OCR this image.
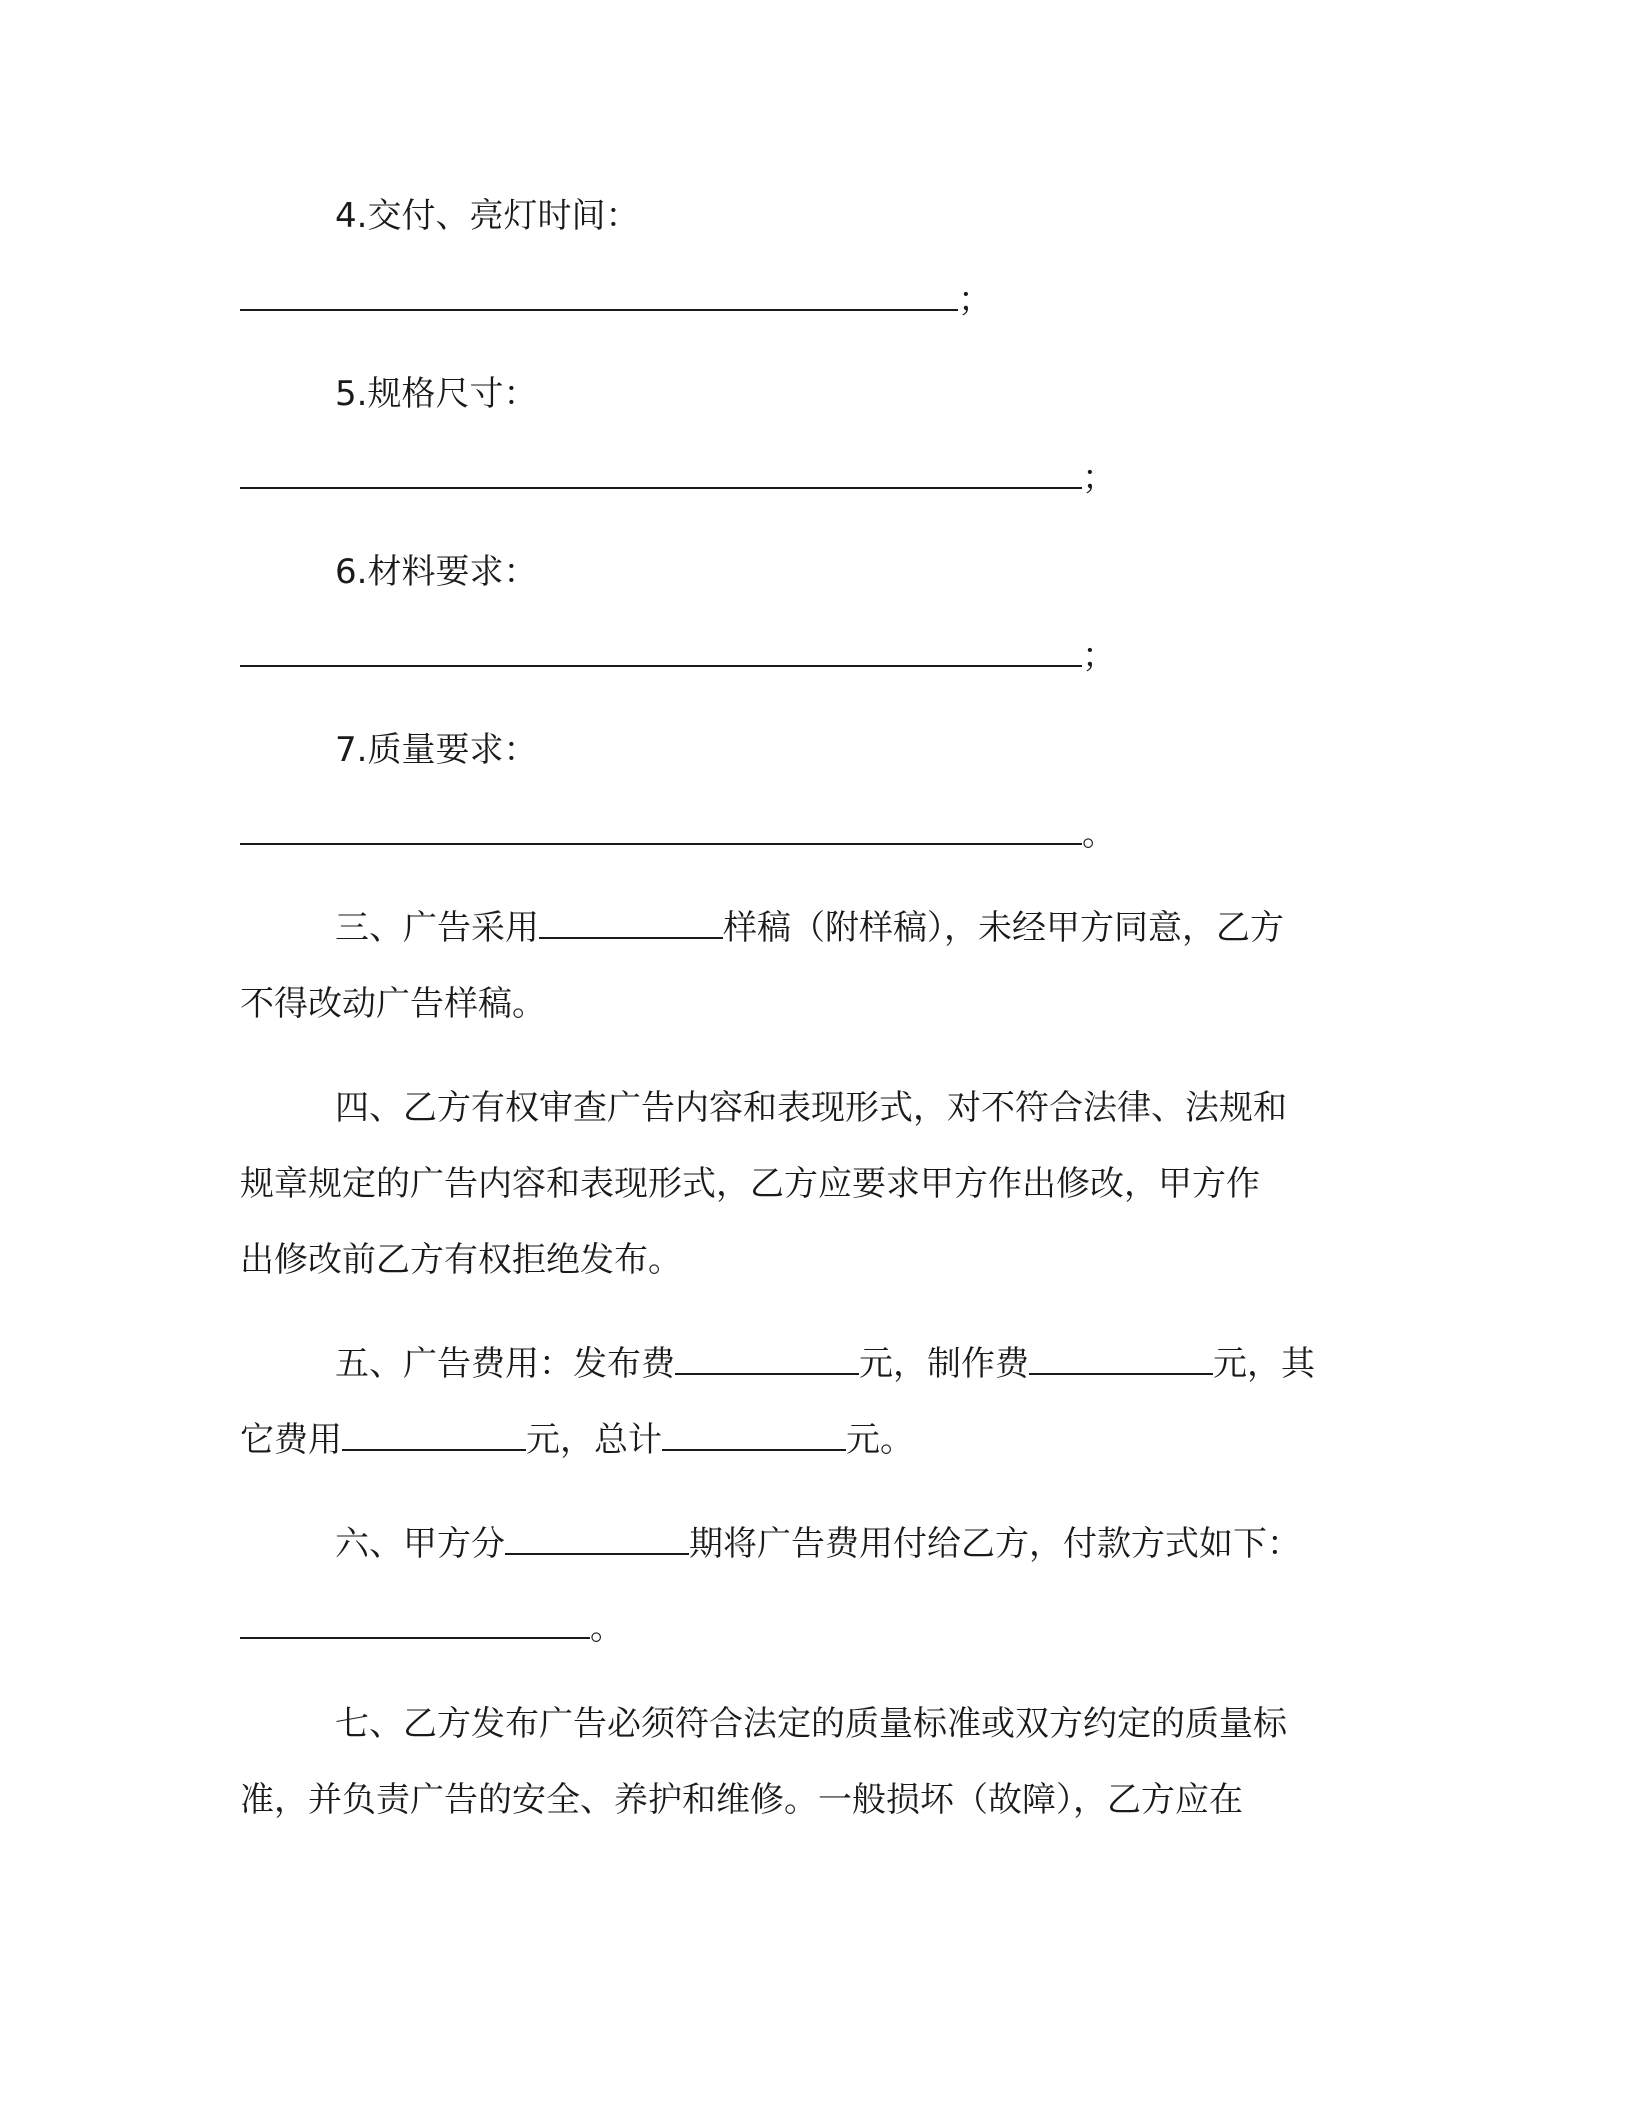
4.交付、亮灯时间：
；
5.规格尺寸：
；
6.材料要求：
；
7.质量要求：
。
三、广告采用	样稿（附样稿），未经甲方同意，乙方
不得改动广告样稿。
四、乙方有权审查广告内容和表现形式，对不符合法律、法规和
规章规定的广告内容和表现形式，乙方应要求甲方作出修改，甲方作
出修改前乙方有权拒绝发布。
五、广告费用：发布费	元，制作费	元，其
它费用	元，总计	元。
六、甲方分	期将广告费用付给乙方，付款方式如下：
。
七、乙方发布广告必须符合法定的质量标准或双方约定的质量标
准，并负责广告的安全、养护和维修。一般损坏（故障），乙方应在
